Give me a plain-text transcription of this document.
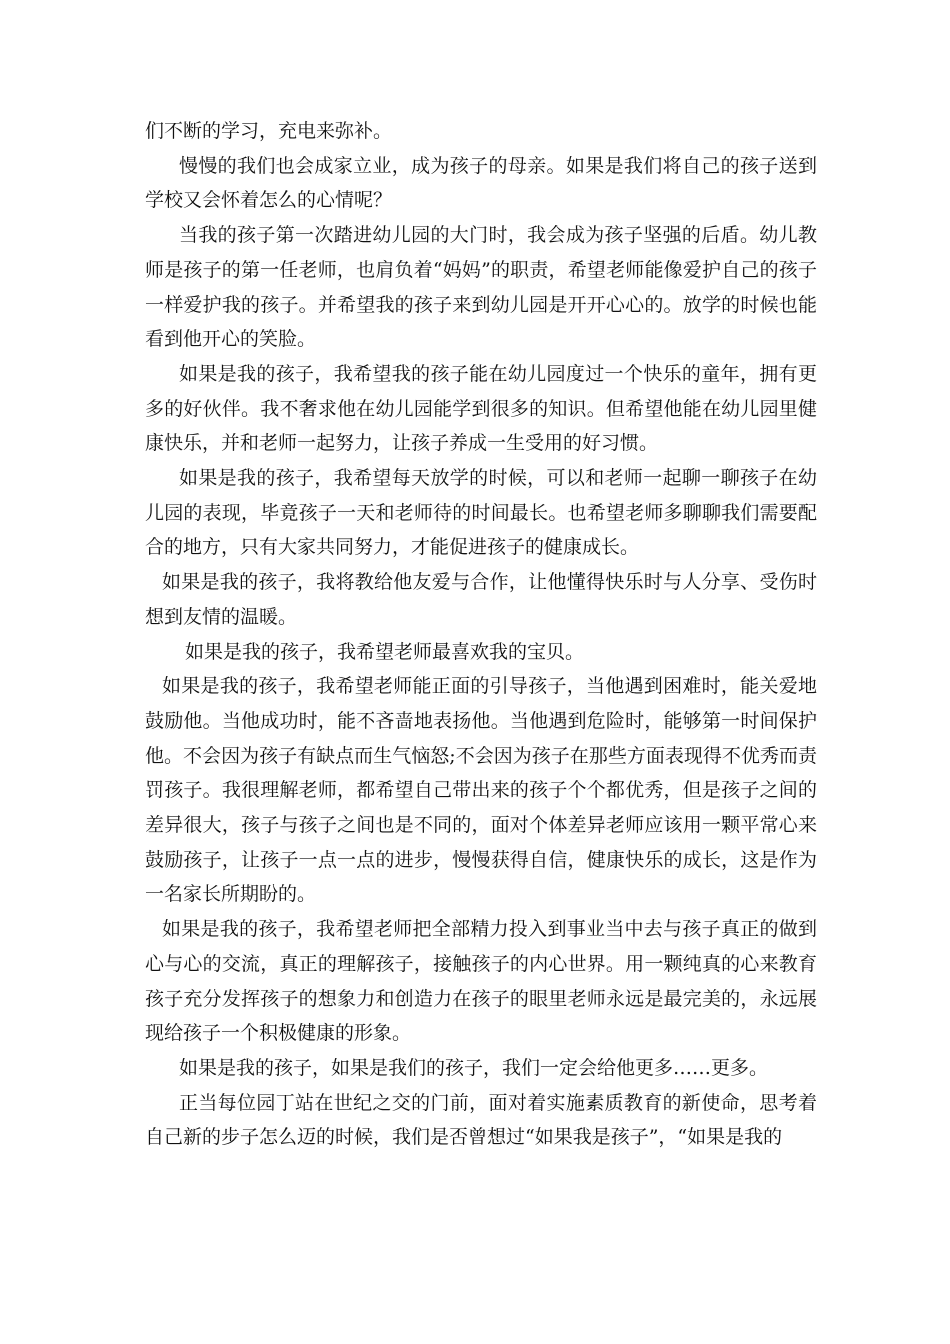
们不断的学习，充电来弥补。

慢慢的我们也会成家立业，成为孩子的母亲。如果是我们将自己的孩子送到学校又会怀着怎么的心情呢？

当我的孩子第一次踏进幼儿园的大门时，我会成为孩子坚强的后盾。幼儿教师是孩子的第一任老师，也肩负着“妈妈”的职责，希望老师能像爱护自己的孩子一样爱护我的孩子。并希望我的孩子来到幼儿园是开开心心的。放学的时候也能看到他开心的笑脸。

如果是我的孩子，我希望我的孩子能在幼儿园度过一个快乐的童年，拥有更多的好伙伴。我不奢求他在幼儿园能学到很多的知识。但希望他能在幼儿园里健康快乐，并和老师一起努力，让孩子养成一生受用的好习惯。

如果是我的孩子，我希望每天放学的时候，可以和老师一起聊一聊孩子在幼儿园的表现，毕竟孩子一天和老师待的时间最长。也希望老师多聊聊我们需要配合的地方，只有大家共同努力，才能促进孩子的健康成长。

如果是我的孩子，我将教给他友爱与合作，让他懂得快乐时与人分享、受伤时想到友情的温暖。

如果是我的孩子，我希望老师最喜欢我的宝贝。

如果是我的孩子，我希望老师能正面的引导孩子，当他遇到困难时，能关爱地鼓励他。当他成功时，能不吝啬地表扬他。当他遇到危险时，能够第一时间保护他。不会因为孩子有缺点而生气恼怒;不会因为孩子在那些方面表现得不优秀而责罚孩子。我很理解老师，都希望自己带出来的孩子个个都优秀，但是孩子之间的差异很大，孩子与孩子之间也是不同的，面对个体差异老师应该用一颗平常心来鼓励孩子，让孩子一点一点的进步，慢慢获得自信，健康快乐的成长，这是作为一名家长所期盼的。

如果是我的孩子，我希望老师把全部精力投入到事业当中去与孩子真正的做到心与心的交流，真正的理解孩子，接触孩子的内心世界。用一颗纯真的心来教育孩子充分发挥孩子的想象力和创造力在孩子的眼里老师永远是最完美的，永远展现给孩子一个积极健康的形象。

如果是我的孩子，如果是我们的孩子，我们一定会给他更多……更多。

正当每位园丁站在世纪之交的门前，面对着实施素质教育的新使命，思考着自己新的步子怎么迈的时候，我们是否曾想过“如果我是孩子”，“如果是我的
